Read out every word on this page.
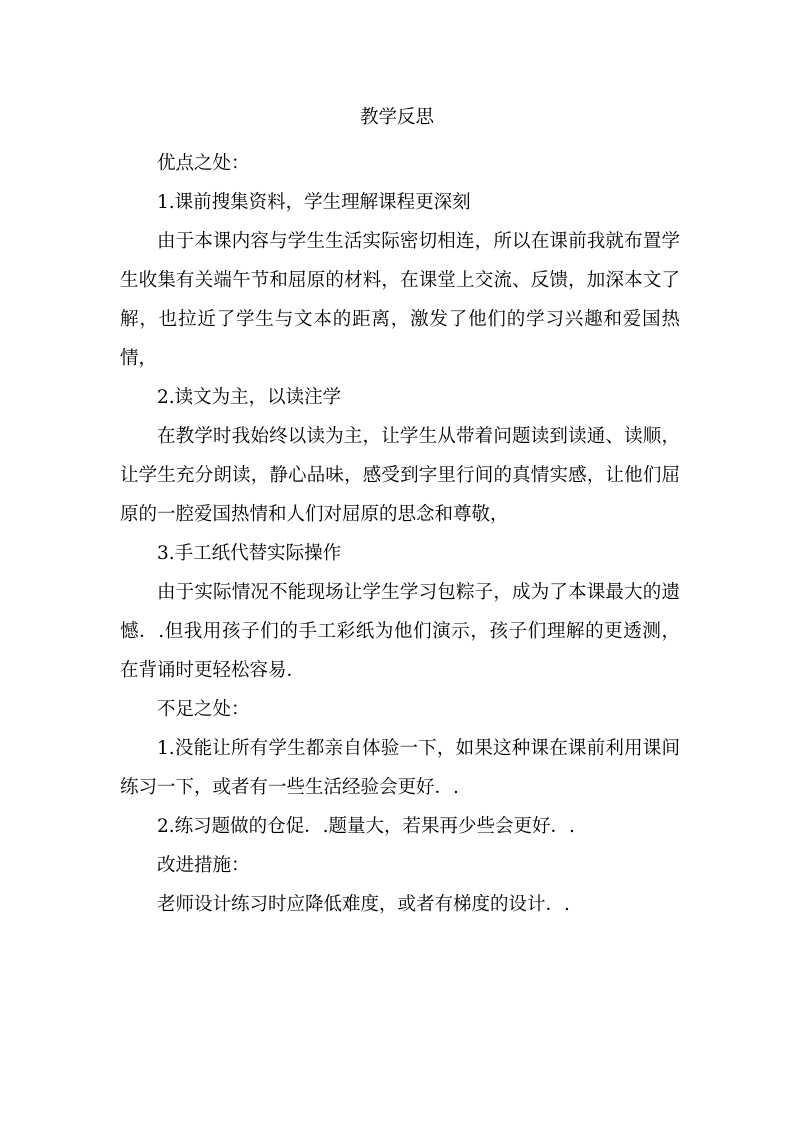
教学反思

优点之处：

1.课前搜集资料，学生理解课程更深刻

由于本课内容与学生生活实际密切相连，所以在课前我就布置学生收集有关端午节和屈原的材料，在课堂上交流、反馈，加深本文了解，也拉近了学生与文本的距离，激发了他们的学习兴趣和爱国热情，

2.读文为主，以读注学

在教学时我始终以读为主，让学生从带着问题读到读通、读顺，让学生充分朗读，静心品味，感受到字里行间的真情实感，让他们屈原的一腔爱国热情和人们对屈原的思念和尊敬，

3.手工纸代替实际操作

由于实际情况不能现场让学生学习包粽子，成为了本课最大的遗憾．.但我用孩子们的手工彩纸为他们演示，孩子们理解的更透测，在背诵时更轻松容易．

不足之处：

1.没能让所有学生都亲自体验一下，如果这种课在课前利用课间练习一下，或者有一些生活经验会更好．.

2.练习题做的仓促．.题量大，若果再少些会更好．.

改进措施：

老师设计练习时应降低难度，或者有梯度的设计．.
